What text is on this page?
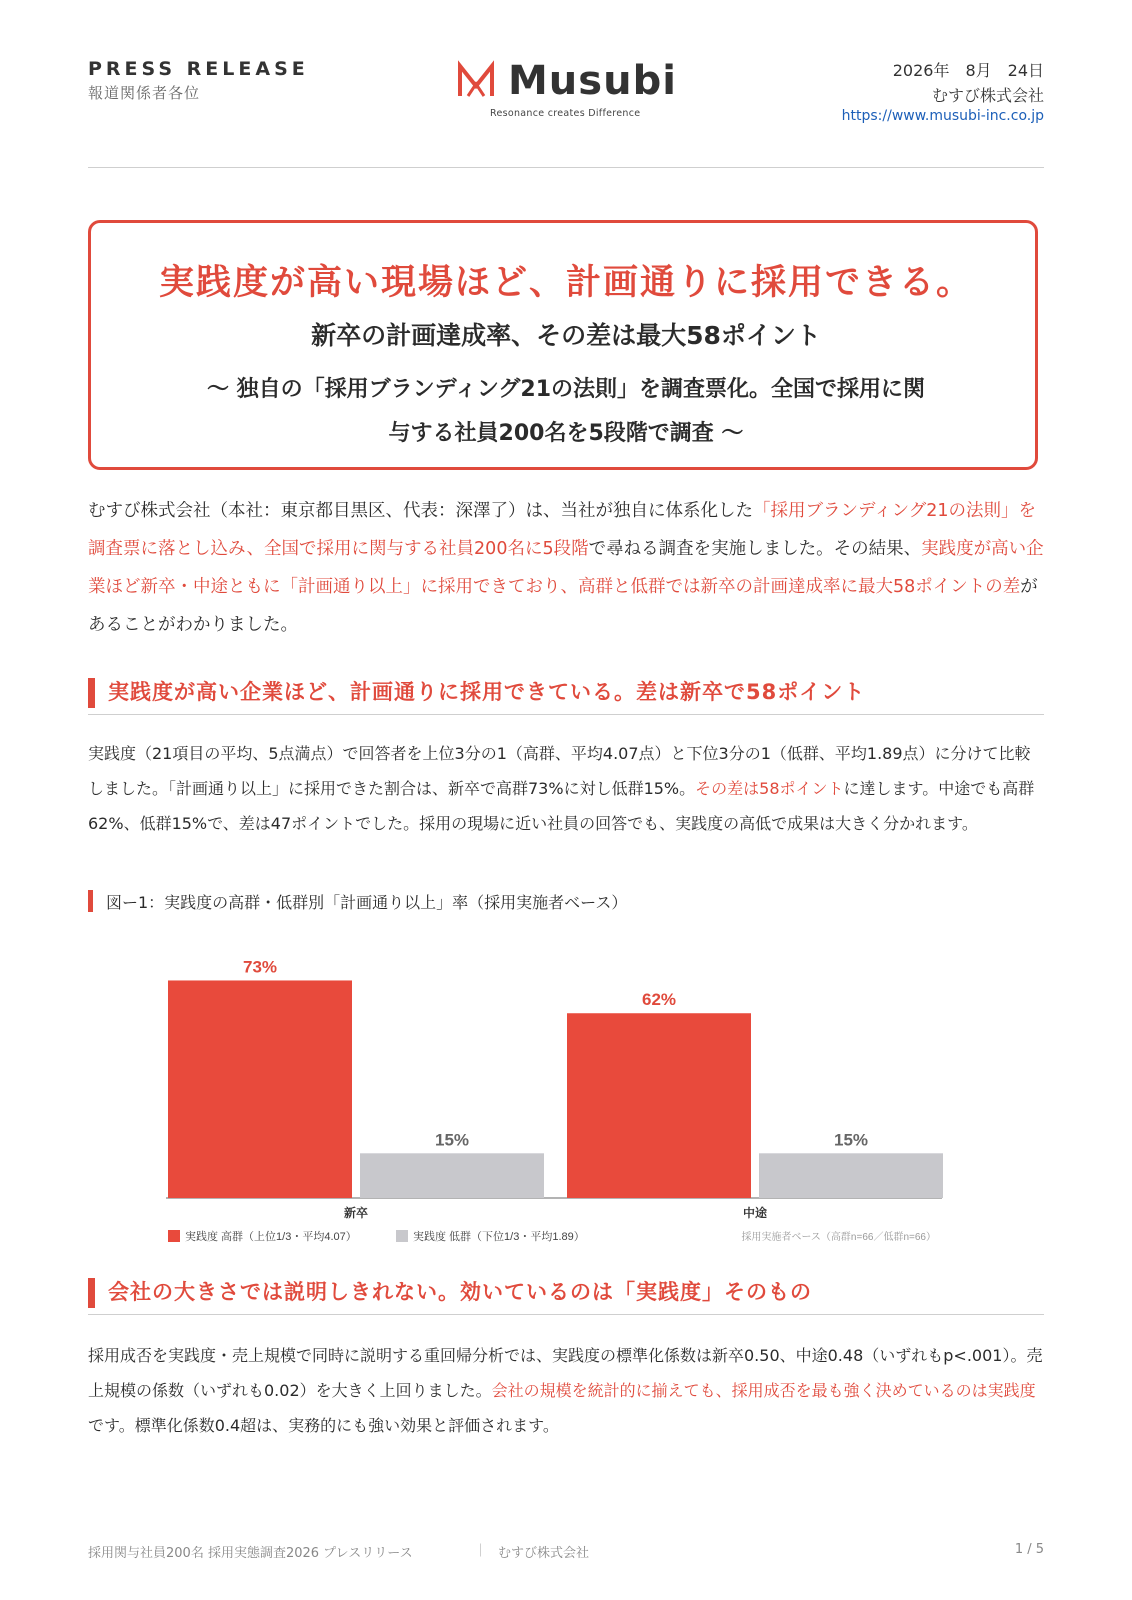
PRESS RELEASE
報道関係者各位	Musubi
Resonance creates Difference
2026年　8月　24日
むすび株式会社
https://www.musubi-inc.co.jp
実践度が高い現場ほど、計画通りに採用できる。
新卒の計画達成率、その差は最大58ポイント
～ 独自の「採用ブランディング21の法則」を調査票化。全国で採用に関
与する社員200名を5段階で調査 ～
むすび株式会社（本社：東京都目黒区、代表：深澤了）は、当社が独自に体系化した「採用ブランディング21の法則」を調査票に落とし込み、全国で採用に関与する社員200名に5段階で尋ねる調査を実施しました。その結果、実践度が高い企業ほど新卒・中途ともに「計画通り以上」に採用できており、高群と低群では新卒の計画達成率に最大58ポイントの差があることがわかりました。
実践度が高い企業ほど、計画通りに採用できている。差は新卒で58ポイント
実践度（21項目の平均、5点満点）で回答者を上位3分の1（高群、平均4.07点）と下位3分の1（低群、平均1.89点）に分けて比較しました。「計画通り以上」に採用できた割合は、新卒で高群73%に対し低群15%。その差は58ポイントに達します。中途でも高群62%、低群15%で、差は47ポイントでした。採用の現場に近い社員の回答でも、実践度の高低で成果は大きく分かれます。
図ー1：実践度の高群・低群別「計画通り以上」率（採用実施者ベース）
73%
15%
新卒
62%
15%
中途
実践度 高群（上位1/3・平均4.07）	実践度 低群（下位1/3・平均1.89）	採用実施者ベース（高群n=66／低群n=66）
会社の大きさでは説明しきれない。効いているのは「実践度」そのもの
採用成否を実践度・売上規模で同時に説明する重回帰分析では、実践度の標準化係数は新卒0.50、中途0.48（いずれもp<.001）。売上規模の係数（いずれも0.02）を大きく上回りました。会社の規模を統計的に揃えても、採用成否を最も強く決めているのは実践度です。標準化係数0.4超は、実務的にも強い効果と評価されます。
採用関与社員200名 採用実態調査2026 プレスリリース	｜ むすび株式会社	1 / 5
